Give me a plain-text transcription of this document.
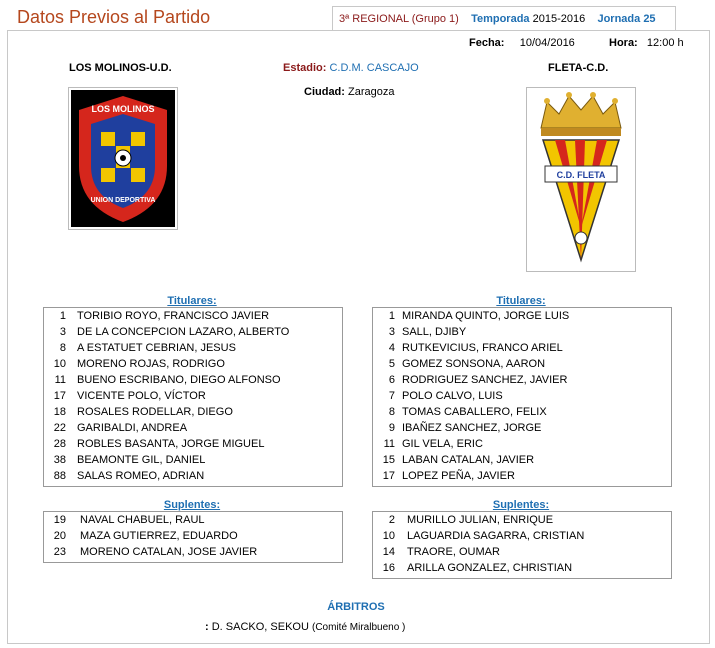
Datos Previos al Partido	3ª REGIONAL (Grupo 1) Temporada 2015-2016 Jornada 25
Fecha: 10/04/2016	Hora: 12:00 h
LOS MOLINOS-U.D.	FLETA-C.D.
Estadio: C.D.M. CASCAJO
Ciudad: Zaragoza
LOS MOLINOS
UNION DEPORTIVA
C.D. FLETA
Titulares:
1 TORIBIO ROYO, FRANCISCO JAVIER
3 DE LA CONCEPCION LAZARO, ALBERTO
8 A ESTATUET CEBRIAN, JESUS
10 MORENO ROJAS, RODRIGO
11 BUENO ESCRIBANO, DIEGO ALFONSO
17 VICENTE POLO, VÍCTOR
18 ROSALES RODELLAR, DIEGO
22 GARIBALDI, ANDREA
28 ROBLES BASANTA, JORGE MIGUEL
38 BEAMONTE GIL, DANIEL
88 SALAS ROMEO, ADRIAN
Titulares:
1 MIRANDA QUINTO, JORGE LUIS
3 SALL, DJIBY
4 RUTKEVICIUS, FRANCO ARIEL
5 GOMEZ SONSONA, AARON
6 RODRIGUEZ SANCHEZ, JAVIER
7 POLO CALVO, LUIS
8 TOMAS CABALLERO, FELIX
9 IBAÑEZ SANCHEZ, JORGE
11 GIL VELA, ERIC
15 LABAN CATALAN, JAVIER
17 LOPEZ PEÑA, JAVIER
Suplentes:
19 NAVAL CHABUEL, RAUL
20 MAZA GUTIERREZ, EDUARDO
23 MORENO CATALAN, JOSE JAVIER
Suplentes:
2 MURILLO JULIAN, ENRIQUE
10 LAGUARDIA SAGARRA, CRISTIAN
14 TRAORE, OUMAR
16 ARILLA GONZALEZ, CHRISTIAN
ÁRBITROS
: D. SACKO, SEKOU (Comité Miralbueno )
